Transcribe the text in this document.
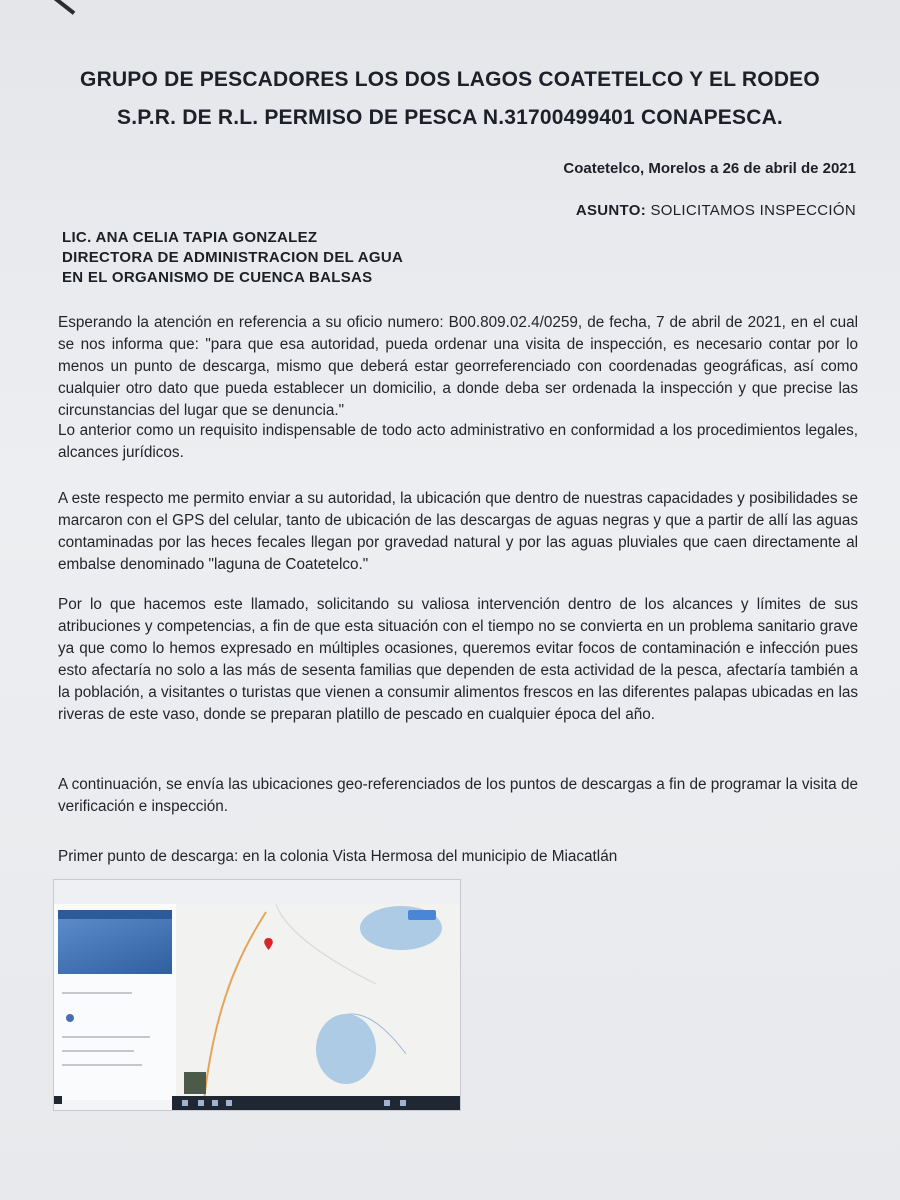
GRUPO DE PESCADORES LOS DOS LAGOS COATETELCO Y EL RODEO
S.P.R. DE R.L. PERMISO DE PESCA N.31700499401 CONAPESCA.
Coatetelco, Morelos a 26 de abril de 2021
ASUNTO: SOLICITAMOS INSPECCIÓN
LIC. ANA CELIA TAPIA GONZALEZ
DIRECTORA DE ADMINISTRACION DEL AGUA
EN EL ORGANISMO DE CUENCA BALSAS

Esperando la atención en referencia a su oficio numero: B00.809.02.4/0259, de fecha, 7 de abril de 2021, en el cual se nos informa que: "para que esa autoridad, pueda ordenar una visita de inspección, es necesario contar por lo menos un punto de descarga, mismo que deberá estar georreferenciado con coordenadas geográficas, así como cualquier otro dato que pueda establecer un domicilio, a donde deba ser ordenada la inspección y que precise las circunstancias del lugar que se denuncia."

Lo anterior como un requisito indispensable de todo acto administrativo en conformidad a los procedimientos legales, alcances jurídicos.

A este respecto me permito enviar a su autoridad, la ubicación que dentro de nuestras capacidades y posibilidades se marcaron con el GPS del celular, tanto de ubicación de las descargas de aguas negras y que a partir de allí las aguas contaminadas por las heces fecales llegan por gravedad natural y por las aguas pluviales que caen directamente al embalse denominado "laguna de Coatetelco."

Por lo que hacemos este llamado, solicitando su valiosa intervención dentro de los alcances y límites de sus atribuciones y competencias, a fin de que esta situación con el tiempo no se convierta en un problema sanitario grave ya que como lo hemos expresado en múltiples ocasiones, queremos evitar focos de contaminación e infección pues esto afectaría no solo a las más de sesenta familias que dependen de esta actividad de la pesca, afectaría también a la población, a visitantes o turistas que vienen a consumir alimentos frescos en las diferentes palapas ubicadas en las riveras de este vaso, donde se preparan platillo de pescado en cualquier época del año.

A continuación, se envía las ubicaciones geo-referenciados de los puntos de descargas a fin de programar la visita de verificación e inspección.

Primer punto de descarga: en la colonia Vista Hermosa del municipio de Miacatlán
